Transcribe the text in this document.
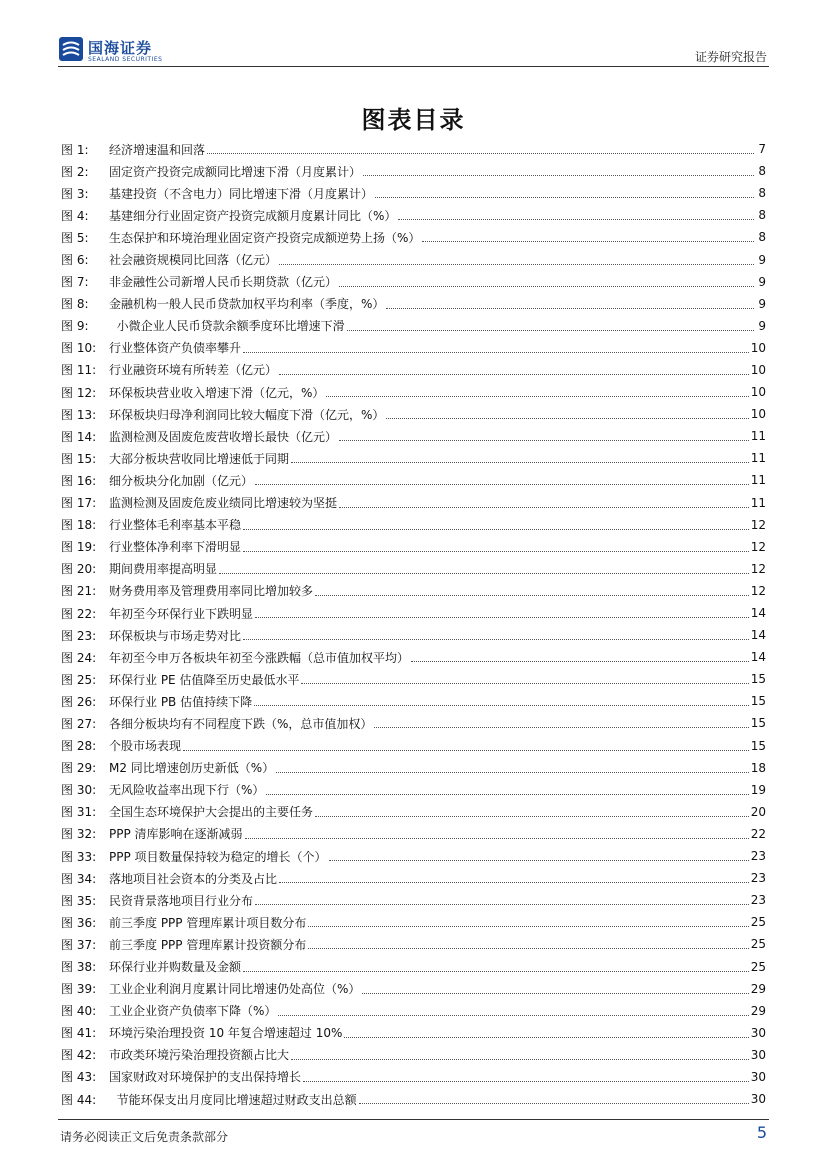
国海证券
SEALAND SECURITIES	证券研究报告
图表目录
图 1:	经济增速温和回落	7
图 2:	固定资产投资完成额同比增速下滑（月度累计）	8
图 3:	基建投资（不含电力）同比增速下滑（月度累计）	8
图 4:	基建细分行业固定资产投资完成额月度累计同比（%）	8
图 5:	生态保护和环境治理业固定资产投资完成额逆势上扬（%）	8
图 6:	社会融资规模同比回落（亿元）	9
图 7:	非金融性公司新增人民币长期贷款（亿元）	9
图 8:	金融机构一般人民币贷款加权平均利率（季度，%）	9
图 9:	小微企业人民币贷款余额季度环比增速下滑	9
图 10:	行业整体资产负债率攀升	10
图 11:	行业融资环境有所转差（亿元）	10
图 12:	环保板块营业收入增速下滑（亿元，%）	10
图 13:	环保板块归母净利润同比较大幅度下滑（亿元，%）	10
图 14:	监测检测及固废危废营收增长最快（亿元）	11
图 15:	大部分板块营收同比增速低于同期	11
图 16:	细分板块分化加剧（亿元）	11
图 17:	监测检测及固废危废业绩同比增速较为坚挺	11
图 18:	行业整体毛利率基本平稳	12
图 19:	行业整体净利率下滑明显	12
图 20:	期间费用率提高明显	12
图 21:	财务费用率及管理费用率同比增加较多	12
图 22:	年初至今环保行业下跌明显	14
图 23:	环保板块与市场走势对比	14
图 24:	年初至今申万各板块年初至今涨跌幅（总市值加权平均）	14
图 25:	环保行业 PE 估值降至历史最低水平	15
图 26:	环保行业 PB 估值持续下降	15
图 27:	各细分板块均有不同程度下跌（%，总市值加权）	15
图 28:	个股市场表现	15
图 29:	M2 同比增速创历史新低（%）	18
图 30:	无风险收益率出现下行（%）	19
图 31:	全国生态环境保护大会提出的主要任务	20
图 32:	PPP 清库影响在逐渐减弱	22
图 33:	PPP 项目数量保持较为稳定的增长（个）	23
图 34:	落地项目社会资本的分类及占比	23
图 35:	民资背景落地项目行业分布	23
图 36:	前三季度 PPP 管理库累计项目数分布	25
图 37:	前三季度 PPP 管理库累计投资额分布	25
图 38:	环保行业并购数量及金额	25
图 39:	工业企业利润月度累计同比增速仍处高位（%）	29
图 40:	工业企业资产负债率下降（%）	29
图 41:	环境污染治理投资 10 年复合增速超过 10%	30
图 42:	市政类环境污染治理投资额占比大	30
图 43:	国家财政对环境保护的支出保持增长	30
图 44:	节能环保支出月度同比增速超过财政支出总额	30
请务必阅读正文后免责条款部分	5
